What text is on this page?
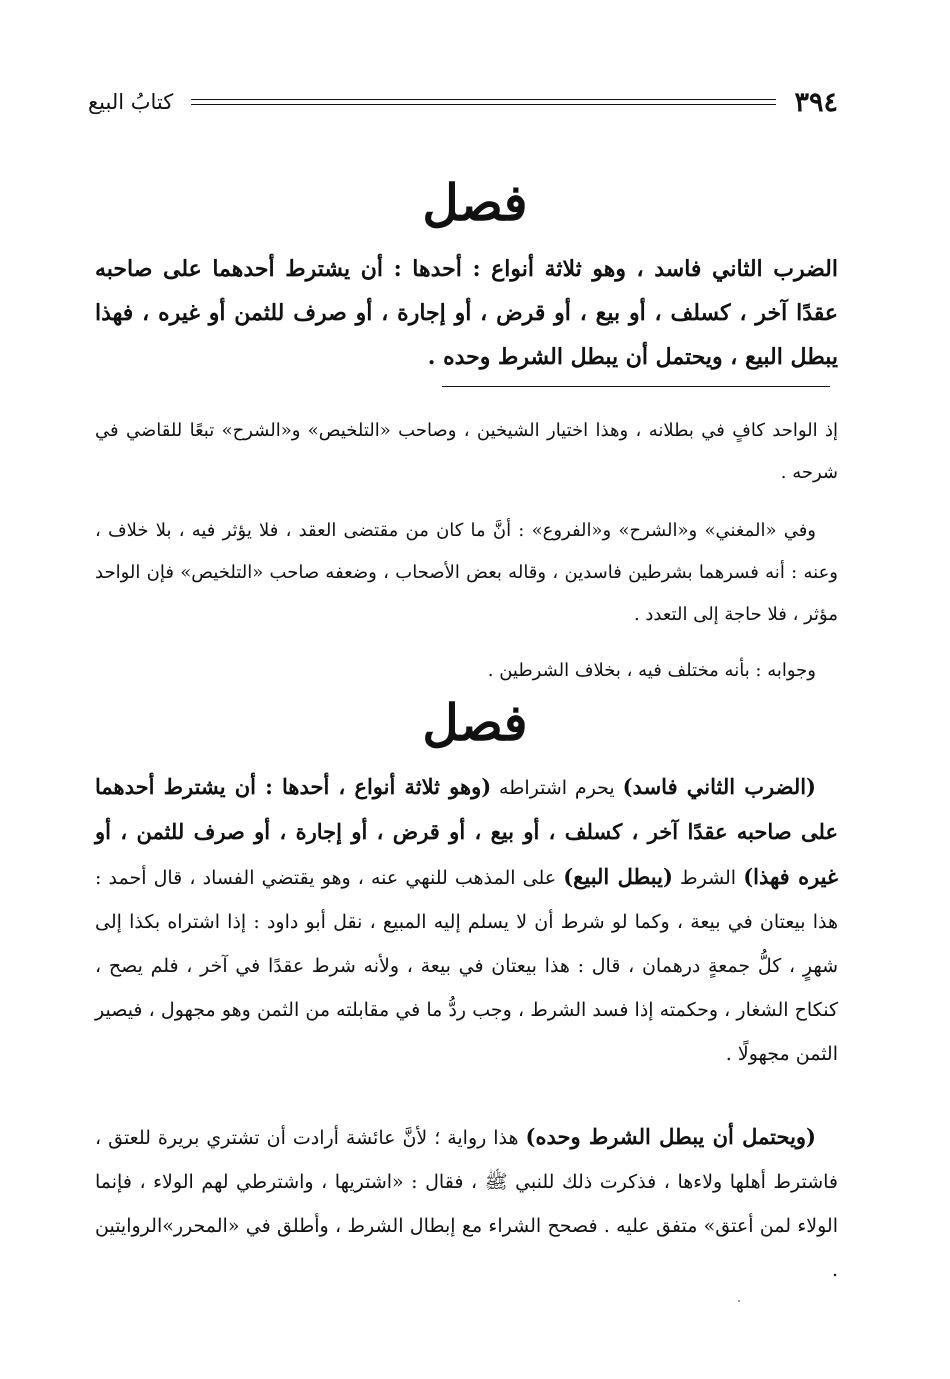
٣٩٤
كتابُ البيع
فصل

الضرب الثاني فاسد ، وهو ثلاثة أنواع : أحدها : أن يشترط أحدهما على صاحبه عقدًا آخر ، كسلف ، أو بيع ، أو قرض ، أو إجارة ، أو صرف للثمن أو غيره ، فهذا يبطل البيع ، ويحتمل أن يبطل الشرط وحده .

إذ الواحد كافٍ في بطلانه ، وهذا اختيار الشيخين ، وصاحب «التلخيص» و«الشرح» تبعًا للقاضي في شرحه .

وفي «المغني» و«الشرح» و«الفروع» : أنَّ ما كان من مقتضى العقد ، فلا يؤثر فيه ، بلا خلاف ، وعنه : أنه فسرهما بشرطين فاسدين ، وقاله بعض الأصحاب ، وضعفه صاحب «التلخيص» فإن الواحد مؤثر ، فلا حاجة إلى التعدد .

وجوابه : بأنه مختلف فيه ، بخلاف الشرطين .

فصل

(الضرب الثاني فاسد) يحرم اشتراطه (وهو ثلاثة أنواع ، أحدها : أن يشترط أحدهما على صاحبه عقدًا آخر ، كسلف ، أو بيع ، أو قرض ، أو إجارة ، أو صرف للثمن ، أو غيره فهذا) الشرط (يبطل البيع) على المذهب للنهي عنه ، وهو يقتضي الفساد ، قال أحمد : هذا بيعتان في بيعة ، وكما لو شرط أن لا يسلم إليه المبيع ، نقل أبو داود : إذا اشتراه بكذا إلى شهرٍ ، كلُّ جمعةٍ درهمان ، قال : هذا بيعتان في بيعة ، ولأنه شرط عقدًا في آخر ، فلم يصح ، كنكاح الشغار ، وحكمته إذا فسد الشرط ، وجب ردُّ ما في مقابلته من الثمن وهو مجهول ، فيصير الثمن مجهولًا .

(ويحتمل أن يبطل الشرط وحده) هذا رواية ؛ لأنَّ عائشة أرادت أن تشتري بريرة للعتق ، فاشترط أهلها ولاءها ، فذكرت ذلك للنبي ﷺ ، فقال : «اشتريها ، واشترطي لهم الولاء ، فإنما الولاء لمن أعتق» متفق عليه . فصحح الشراء مع إبطال الشرط ، وأطلق في «المحرر»الروايتين .
